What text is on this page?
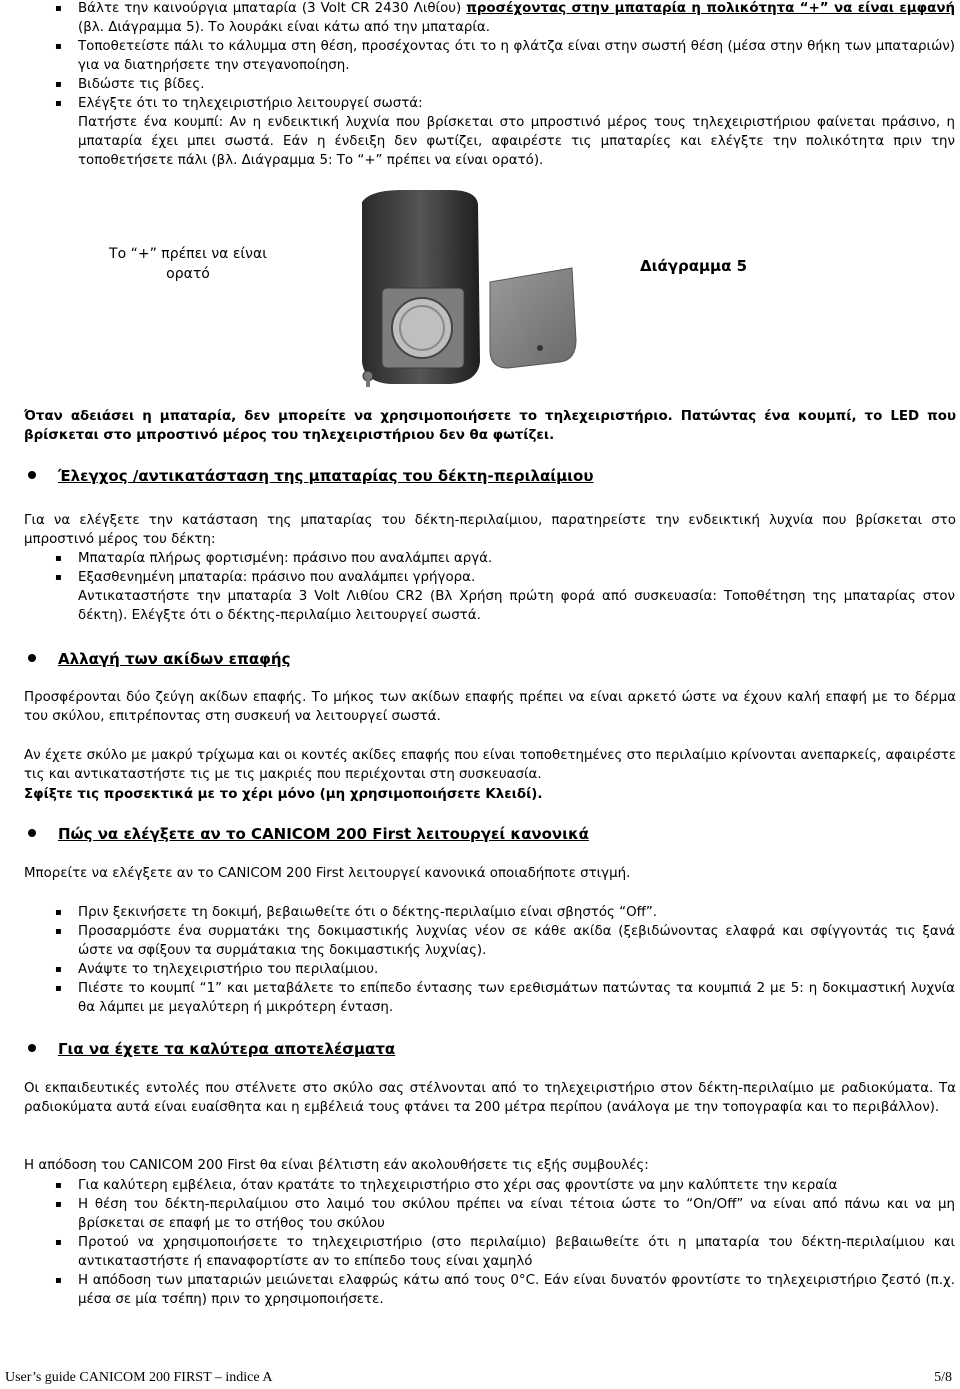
▪ Βάλτε την καινούργια μπαταρία (3 Volt CR 2430 Λιθίου) προσέχοντας στην μπαταρία η πολικότητα “+” να είναι εμφανή (βλ. Διάγραμμα 5). Το λουράκι είναι κάτω από την μπαταρία.
▪ Τοποθετείστε πάλι το κάλυμμα στη θέση, προσέχοντας ότι το η φλάτζα είναι στην σωστή θέση (μέσα στην θήκη των μπαταριών) για να διατηρήσετε την στεγανοποίηση.
▪ Βιδώστε τις βίδες.
▪ Ελέγξτε ότι το τηλεχειριστήριο λειτουργεί σωστά:
Πατήστε ένα κουμπί: Αν η ενδεικτική λυχνία που βρίσκεται στο μπροστινό μέρος τους τηλεχειριστήριου φαίνεται πράσινο, η μπαταρία έχει μπει σωστά. Εάν η ένδειξη δεν φωτίζει, αφαιρέστε τις μπαταρίες και ελέγξτε την πολικότητα πριν την τοποθετήσετε πάλι (βλ. Διάγραμμα 5: Το “+” πρέπει να είναι ορατό).
Το “+” πρέπει να είναι ορατό	Διάγραμμα 5

Όταν αδειάσει η μπαταρία, δεν μπορείτε να χρησιμοποιήσετε το τηλεχειριστήριο. Πατώντας ένα κουμπί, το LED που βρίσκεται στο μπροστινό μέρος του τηλεχειριστήριου δεν θα φωτίζει.

Έλεγχος /αντικατάσταση της μπαταρίας του δέκτη-περιλαίμιου

Για να ελέγξετε την κατάσταση της μπαταρίας του δέκτη-περιλαίμιου, παρατηρείστε την ενδεικτική λυχνία που βρίσκεται στο μπροστινό μέρος του δέκτη:

▪ Μπαταρία πλήρως φορτισμένη: πράσινο που αναλάμπει αργά.
▪ Εξασθενημένη μπαταρία: πράσινο που αναλάμπει γρήγορα.
Αντικαταστήστε την μπαταρία 3 Volt Λιθίου CR2 (Βλ Χρήση πρώτη φορά από συσκευασία: Τοποθέτηση της μπαταρίας στον δέκτη). Ελέγξτε ότι ο δέκτης-περιλαίμιο λειτουργεί σωστά.
Αλλαγή των ακίδων επαφής

Προσφέρονται δύο ζεύγη ακίδων επαφής. Το μήκος των ακίδων επαφής πρέπει να είναι αρκετό ώστε να έχουν καλή επαφή με το δέρμα του σκύλου, επιτρέποντας στη συσκευή να λειτουργεί σωστά.

Αν έχετε σκύλο με μακρύ τρίχωμα και οι κοντές ακίδες επαφής που είναι τοποθετημένες στο περιλαίμιο κρίνονται ανεπαρκείς, αφαιρέστε τις και αντικαταστήστε τις με τις μακριές που περιέχονται στη συσκευασία.

Σφίξτε τις προσεκτικά με το χέρι μόνο (μη χρησιμοποιήσετε Κλειδί).

Πώς να ελέγξετε αν το CANICOM 200 First λειτουργεί κανονικά

Μπορείτε να ελέγξετε αν το CANICOM 200 First λειτουργεί κανονικά οποιαδήποτε στιγμή.

▪ Πριν ξεκινήσετε τη δοκιμή, βεβαιωθείτε ότι ο δέκτης-περιλαίμιο είναι σβηστός “Off”.
▪ Προσαρμόστε ένα συρματάκι της δοκιμαστικής λυχνίας νέον σε κάθε ακίδα (ξεβιδώνοντας ελαφρά και σφίγγοντάς τις ξανά ώστε να σφίξουν τα συρμάτακια της δοκιμαστικής λυχνίας).
▪ Ανάψτε το τηλεχειριστήριο του περιλαίμιου.
▪ Πιέστε το κουμπί “1” και μεταβάλετε το επίπεδο έντασης των ερεθισμάτων πατώντας τα κουμπιά 2 με 5: η δοκιμαστική λυχνία θα λάμπει με μεγαλύτερη ή μικρότερη ένταση.
Για να έχετε τα καλύτερα αποτελέσματα

Οι εκπαιδευτικές εντολές που στέλνετε στο σκύλο σας στέλνονται από το τηλεχειριστήριο στον δέκτη-περιλαίμιο με ραδιοκύματα. Τα ραδιοκύματα αυτά είναι ευαίσθητα και η εμβέλειά τους φτάνει τα 200 μέτρα περίπου (ανάλογα με την τοπογραφία και το περιβάλλον).

Η απόδοση του CANICOM 200 First θα είναι βέλτιστη εάν ακολουθήσετε τις εξής συμβουλές:

▪ Για καλύτερη εμβέλεια, όταν κρατάτε το τηλεχειριστήριο στο χέρι σας φροντίστε να μην καλύπτετε την κεραία
▪ Η θέση του δέκτη-περιλαίμιου στο λαιμό του σκύλου πρέπει να είναι τέτοια ώστε το “On/Off” να είναι από πάνω και να μη βρίσκεται σε επαφή με το στήθος του σκύλου
▪ Προτού να χρησιμοποιήσετε το τηλεχειριστήριο (στο περιλαίμιο) βεβαιωθείτε ότι η μπαταρία του δέκτη-περιλαίμιου και αντικαταστήστε ή επαναφορτίστε αν το επίπεδο τους είναι χαμηλό
▪ Η απόδοση των μπαταριών μειώνεται ελαφρώς κάτω από τους 0°C. Εάν είναι δυνατόν φροντίστε το τηλεχειριστήριο ζεστό (π.χ. μέσα σε μία τσέπη) πριν το χρησιμοποιήσετε.
User’s guide CANICOM 200 FIRST – indice A	5/8
